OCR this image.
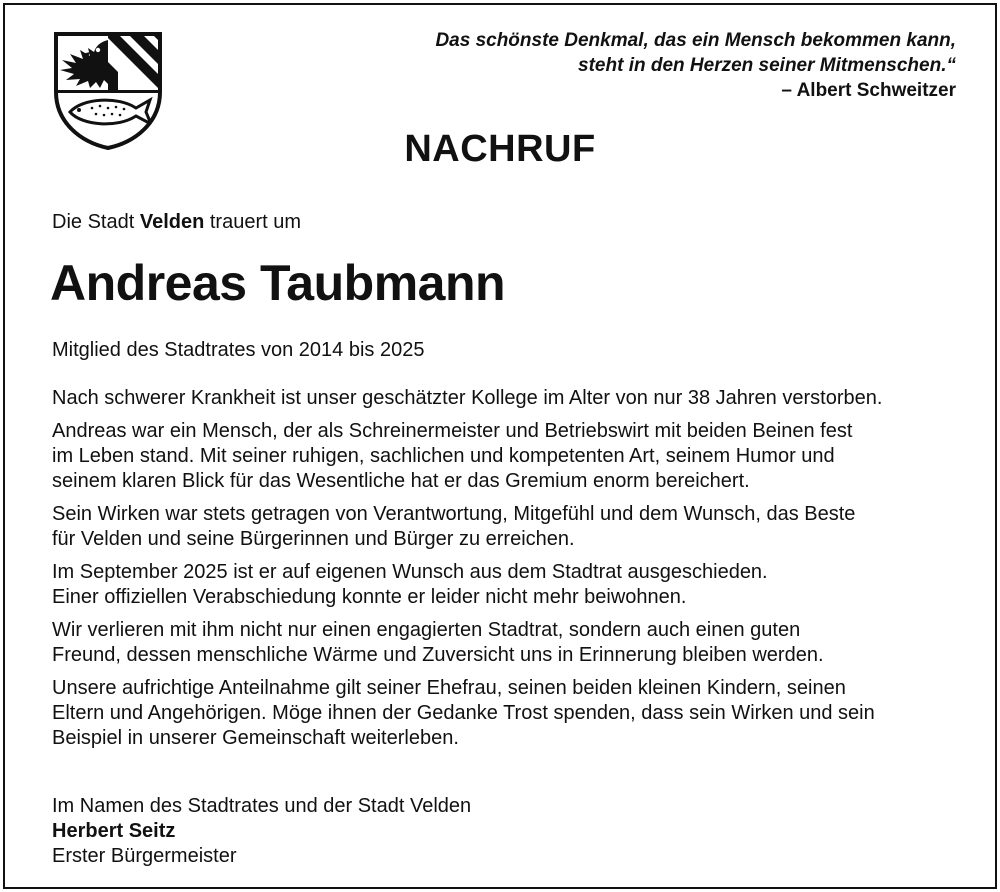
Das schönste Denkmal, das ein Mensch bekommen kann,
steht in den Herzen seiner Mitmenschen.“
– Albert Schweitzer
NACHRUF
Die Stadt Velden trauert um
Andreas Taubmann
Mitglied des Stadtrates von 2014 bis 2025

Nach schwerer Krankheit ist unser geschätzter Kollege im Alter von nur 38 Jahren verstorben.

Andreas war ein Mensch, der als Schreinermeister und Betriebswirt mit beiden Beinen fest
im Leben stand. Mit seiner ruhigen, sachlichen und kompetenten Art, seinem Humor und
seinem klaren Blick für das Wesentliche hat er das Gremium enorm bereichert.

Sein Wirken war stets getragen von Verantwortung, Mitgefühl und dem Wunsch, das Beste
für Velden und seine Bürgerinnen und Bürger zu erreichen.

Im September 2025 ist er auf eigenen Wunsch aus dem Stadtrat ausgeschieden.
Einer offiziellen Verabschiedung konnte er leider nicht mehr beiwohnen.

Wir verlieren mit ihm nicht nur einen engagierten Stadtrat, sondern auch einen guten
Freund, dessen menschliche Wärme und Zuversicht uns in Erinnerung bleiben werden.

Unsere aufrichtige Anteilnahme gilt seiner Ehefrau, seinen beiden kleinen Kindern, seinen
Eltern und Angehörigen. Möge ihnen der Gedanke Trost spenden, dass sein Wirken und sein
Beispiel in unserer Gemeinschaft weiterleben.

Im Namen des Stadtrates und der Stadt Velden
Herbert Seitz
Erster Bürgermeister
